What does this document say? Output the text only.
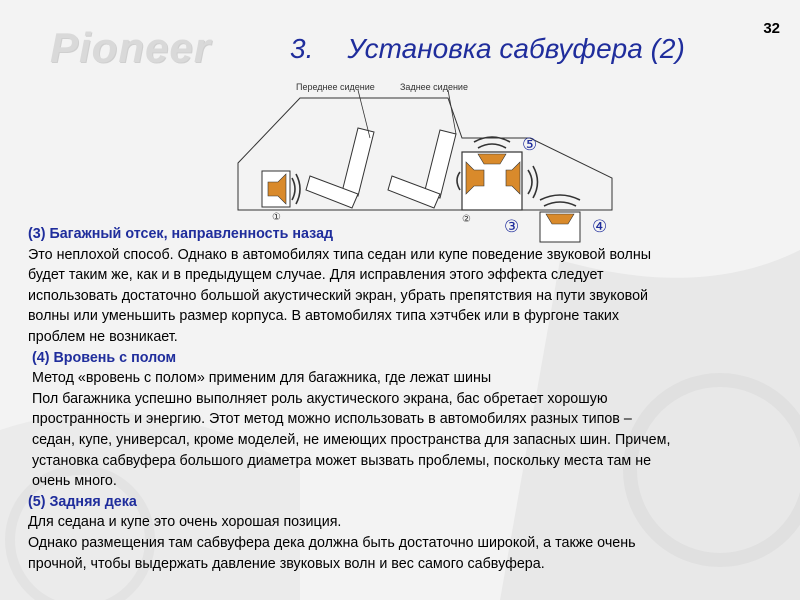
Pioneer	32
3. Установка сабвуфера (2)
Переднее сидение	Заднее сидение
①	② ③	④
⑤
(3) Багажный отсек, направленность назад

Это неплохой способ. Однако в автомобилях типа седан или купе поведение звуковой волны

будет таким же, как и в предыдущем случае. Для исправления этого эффекта следует

использовать достаточно большой акустический экран, убрать препятствия на пути звуковой

волны или уменьшить размер корпуса. В автомобилях типа хэтчбек или в фургоне таких

проблем не возникает.

(4) Вровень с полом

Метод «вровень с полом» применим для багажника, где лежат шины

Пол багажника успешно выполняет роль акустического экрана, бас обретает хорошую

пространность и энергию. Этот метод можно использовать в автомобилях разных типов –

седан, купе, универсал, кроме моделей, не имеющих пространства для запасных шин. Причем,

установка сабвуфера большого диаметра может вызвать проблемы, поскольку места там не

очень много.

(5) Задняя дека

Для седана и купе это очень хорошая позиция.

Однако размещения там сабвуфера дека должна быть достаточно широкой, а также очень

прочной, чтобы выдержать давление звуковых волн и вес самого сабвуфера.
